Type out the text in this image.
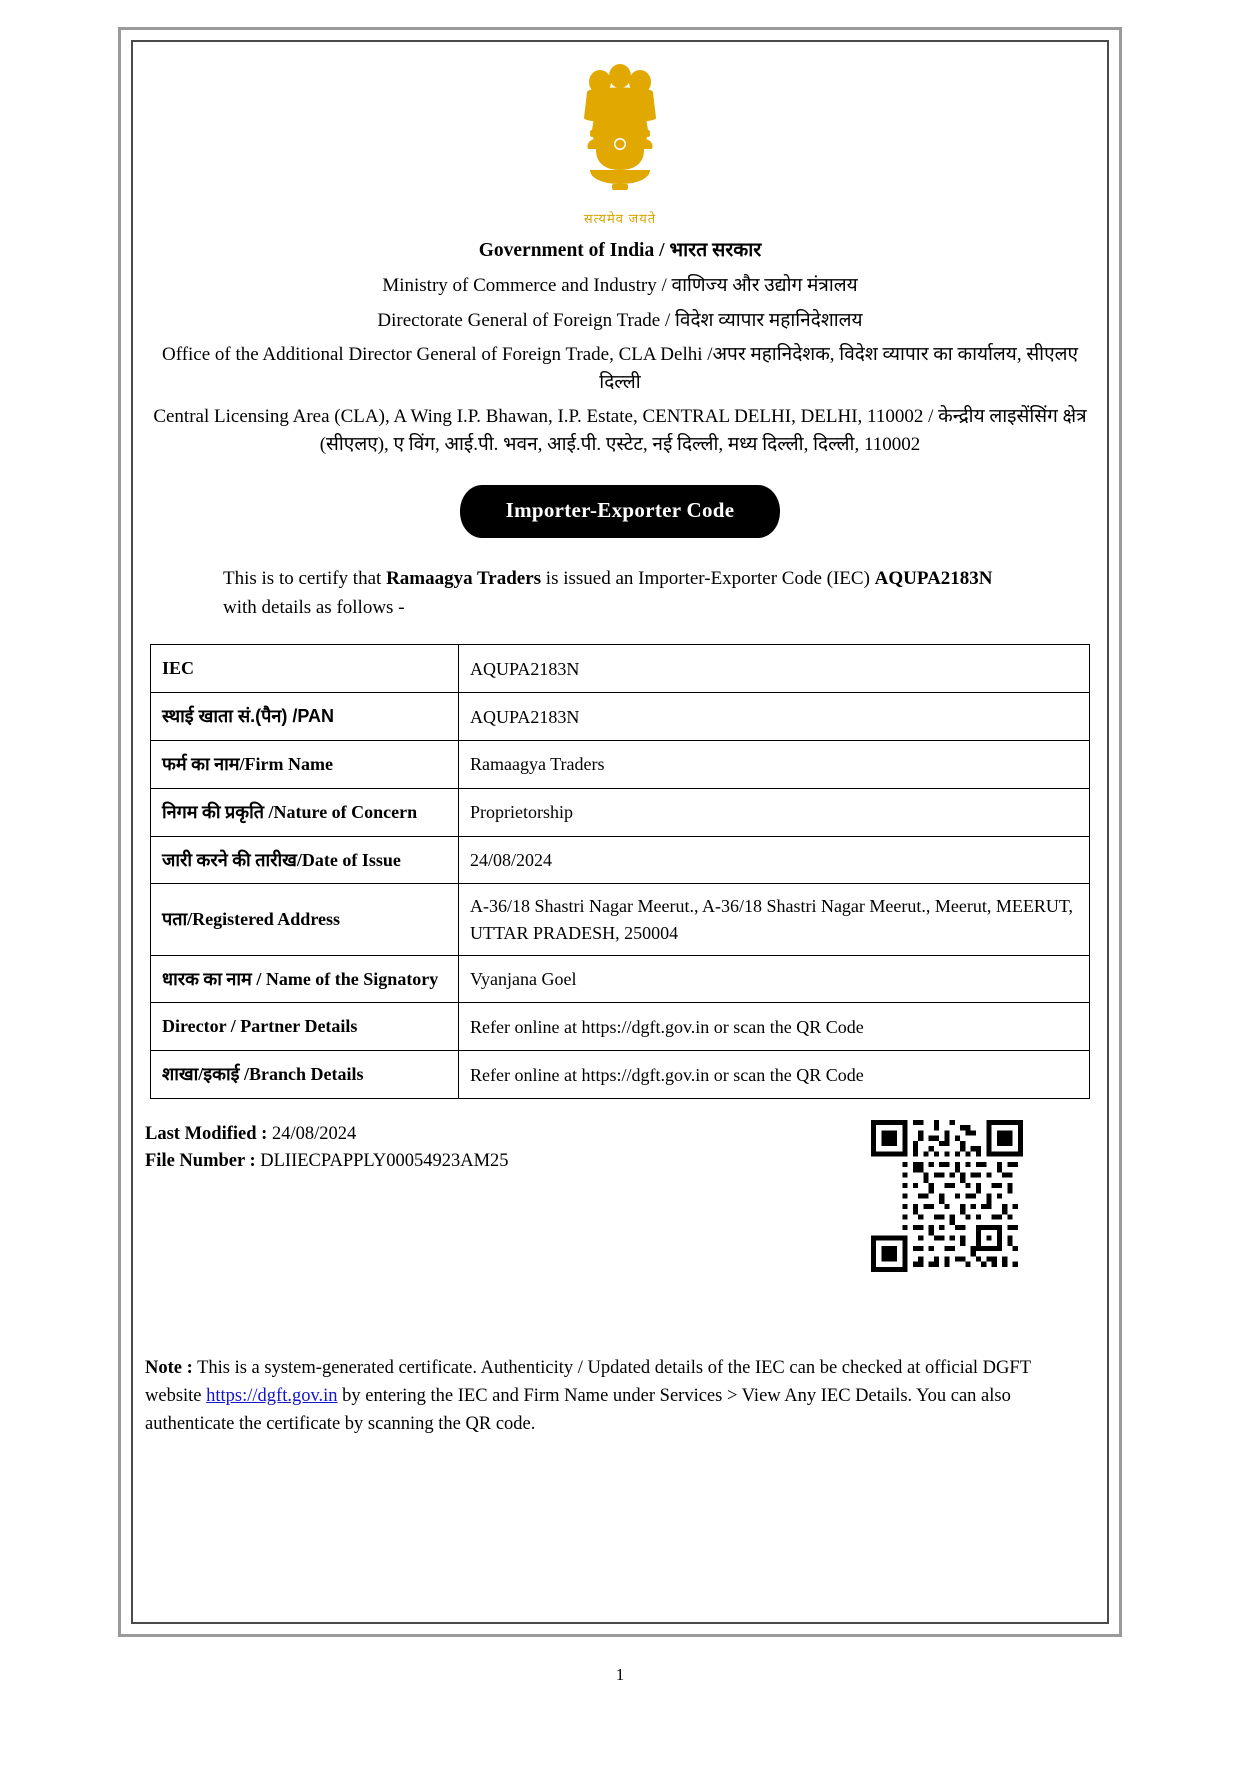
सत्यमेव जयते
Government of India / भारत सरकार
Ministry of Commerce and Industry / वाणिज्य और उद्योग मंत्रालय
Directorate General of Foreign Trade / विदेश व्यापार महानिदेशालय
Office of the Additional Director General of Foreign Trade, CLA Delhi /अपर महानिदेशक, विदेश व्यापार का कार्यालय, सीएलए दिल्ली
Central Licensing Area (CLA), A Wing I.P. Bhawan, I.P. Estate, CENTRAL DELHI, DELHI, 110002 / केन्द्रीय लाइसेंसिंग क्षेत्र (सीएलए), ए विंग, आई.पी. भवन, आई.पी. एस्टेट, नई दिल्ली, मध्य दिल्ली, दिल्ली, 110002
Importer-Exporter Code
This is to certify that Ramaagya Traders is issued an Importer-Exporter Code (IEC) AQUPA2183N with details as follows -
IEC	AQUPA2183N
स्थाई खाता सं.(पैन) /PAN	AQUPA2183N
फर्म का नाम/Firm Name	Ramaagya Traders
निगम की प्रकृति /Nature of Concern	Proprietorship
जारी करने की तारीख/Date of Issue	24/08/2024
पता/Registered Address	A-36/18 Shastri Nagar Meerut., A-36/18 Shastri Nagar Meerut., Meerut, MEERUT, UTTAR PRADESH, 250004
धारक का नाम / Name of the Signatory	Vyanjana Goel
Director / Partner Details	Refer online at https://dgft.gov.in or scan the QR Code
शाखा/इकाई /Branch Details	Refer online at https://dgft.gov.in or scan the QR Code
Last Modified : 24/08/2024
File Number : DLIIECPAPPLY00054923AM25
Note : This is a system-generated certificate. Authenticity / Updated details of the IEC can be checked at official DGFT website https://dgft.gov.in by entering the IEC and Firm Name under Services > View Any IEC Details. You can also authenticate the certificate by scanning the QR code.
1
